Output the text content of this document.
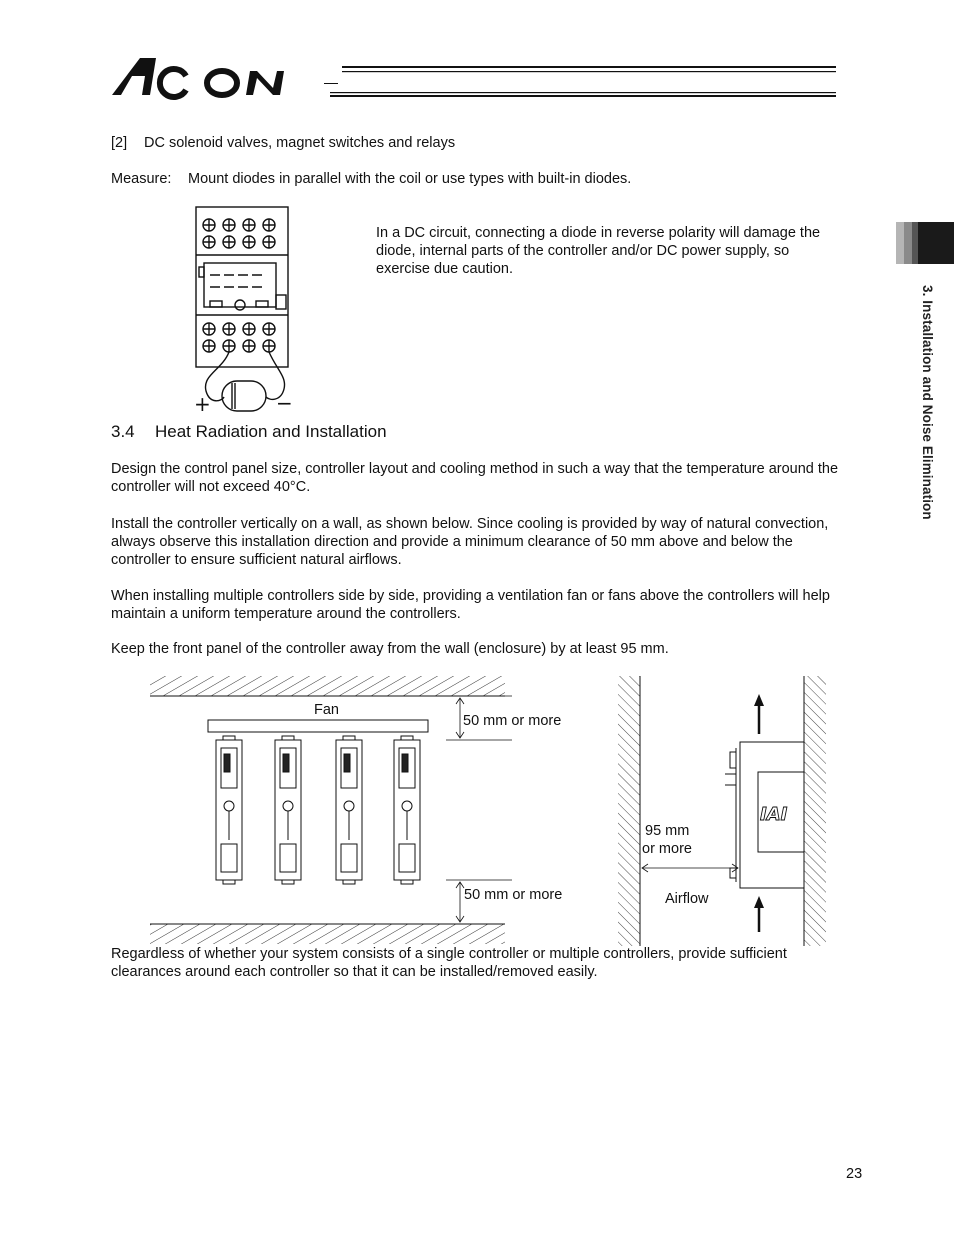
3. Installation and Noise Elimination
[2] DC solenoid valves, magnet switches and relays
Measure: Mount diodes in parallel with the coil or use types with built-in diodes.
+	−
In a DC circuit, connecting a diode in reverse polarity will damage the diode, internal parts of the controller and/or DC power supply, so exercise due caution.
3.4 Heat Radiation and Installation
Design the control panel size, controller layout and cooling method in such a way that the temperature around the controller will not exceed 40°C.
Install the controller vertically on a wall, as shown below. Since cooling is provided by way of natural convection, always observe this installation direction and provide a minimum clearance of 50 mm above and below the controller to ensure sufficient natural airflows.
When installing multiple controllers side by side, providing a ventilation fan or fans above the controllers will help maintain a uniform temperature around the controllers.
Keep the front panel of the controller away from the wall (enclosure) by at least 95 mm.
IAI
Fan
50 mm or more
50 mm or more
95 mm
or more
Airflow
Regardless of whether your system consists of a single controller or multiple controllers, provide sufficient clearances around each controller so that it can be installed/removed easily.
23
